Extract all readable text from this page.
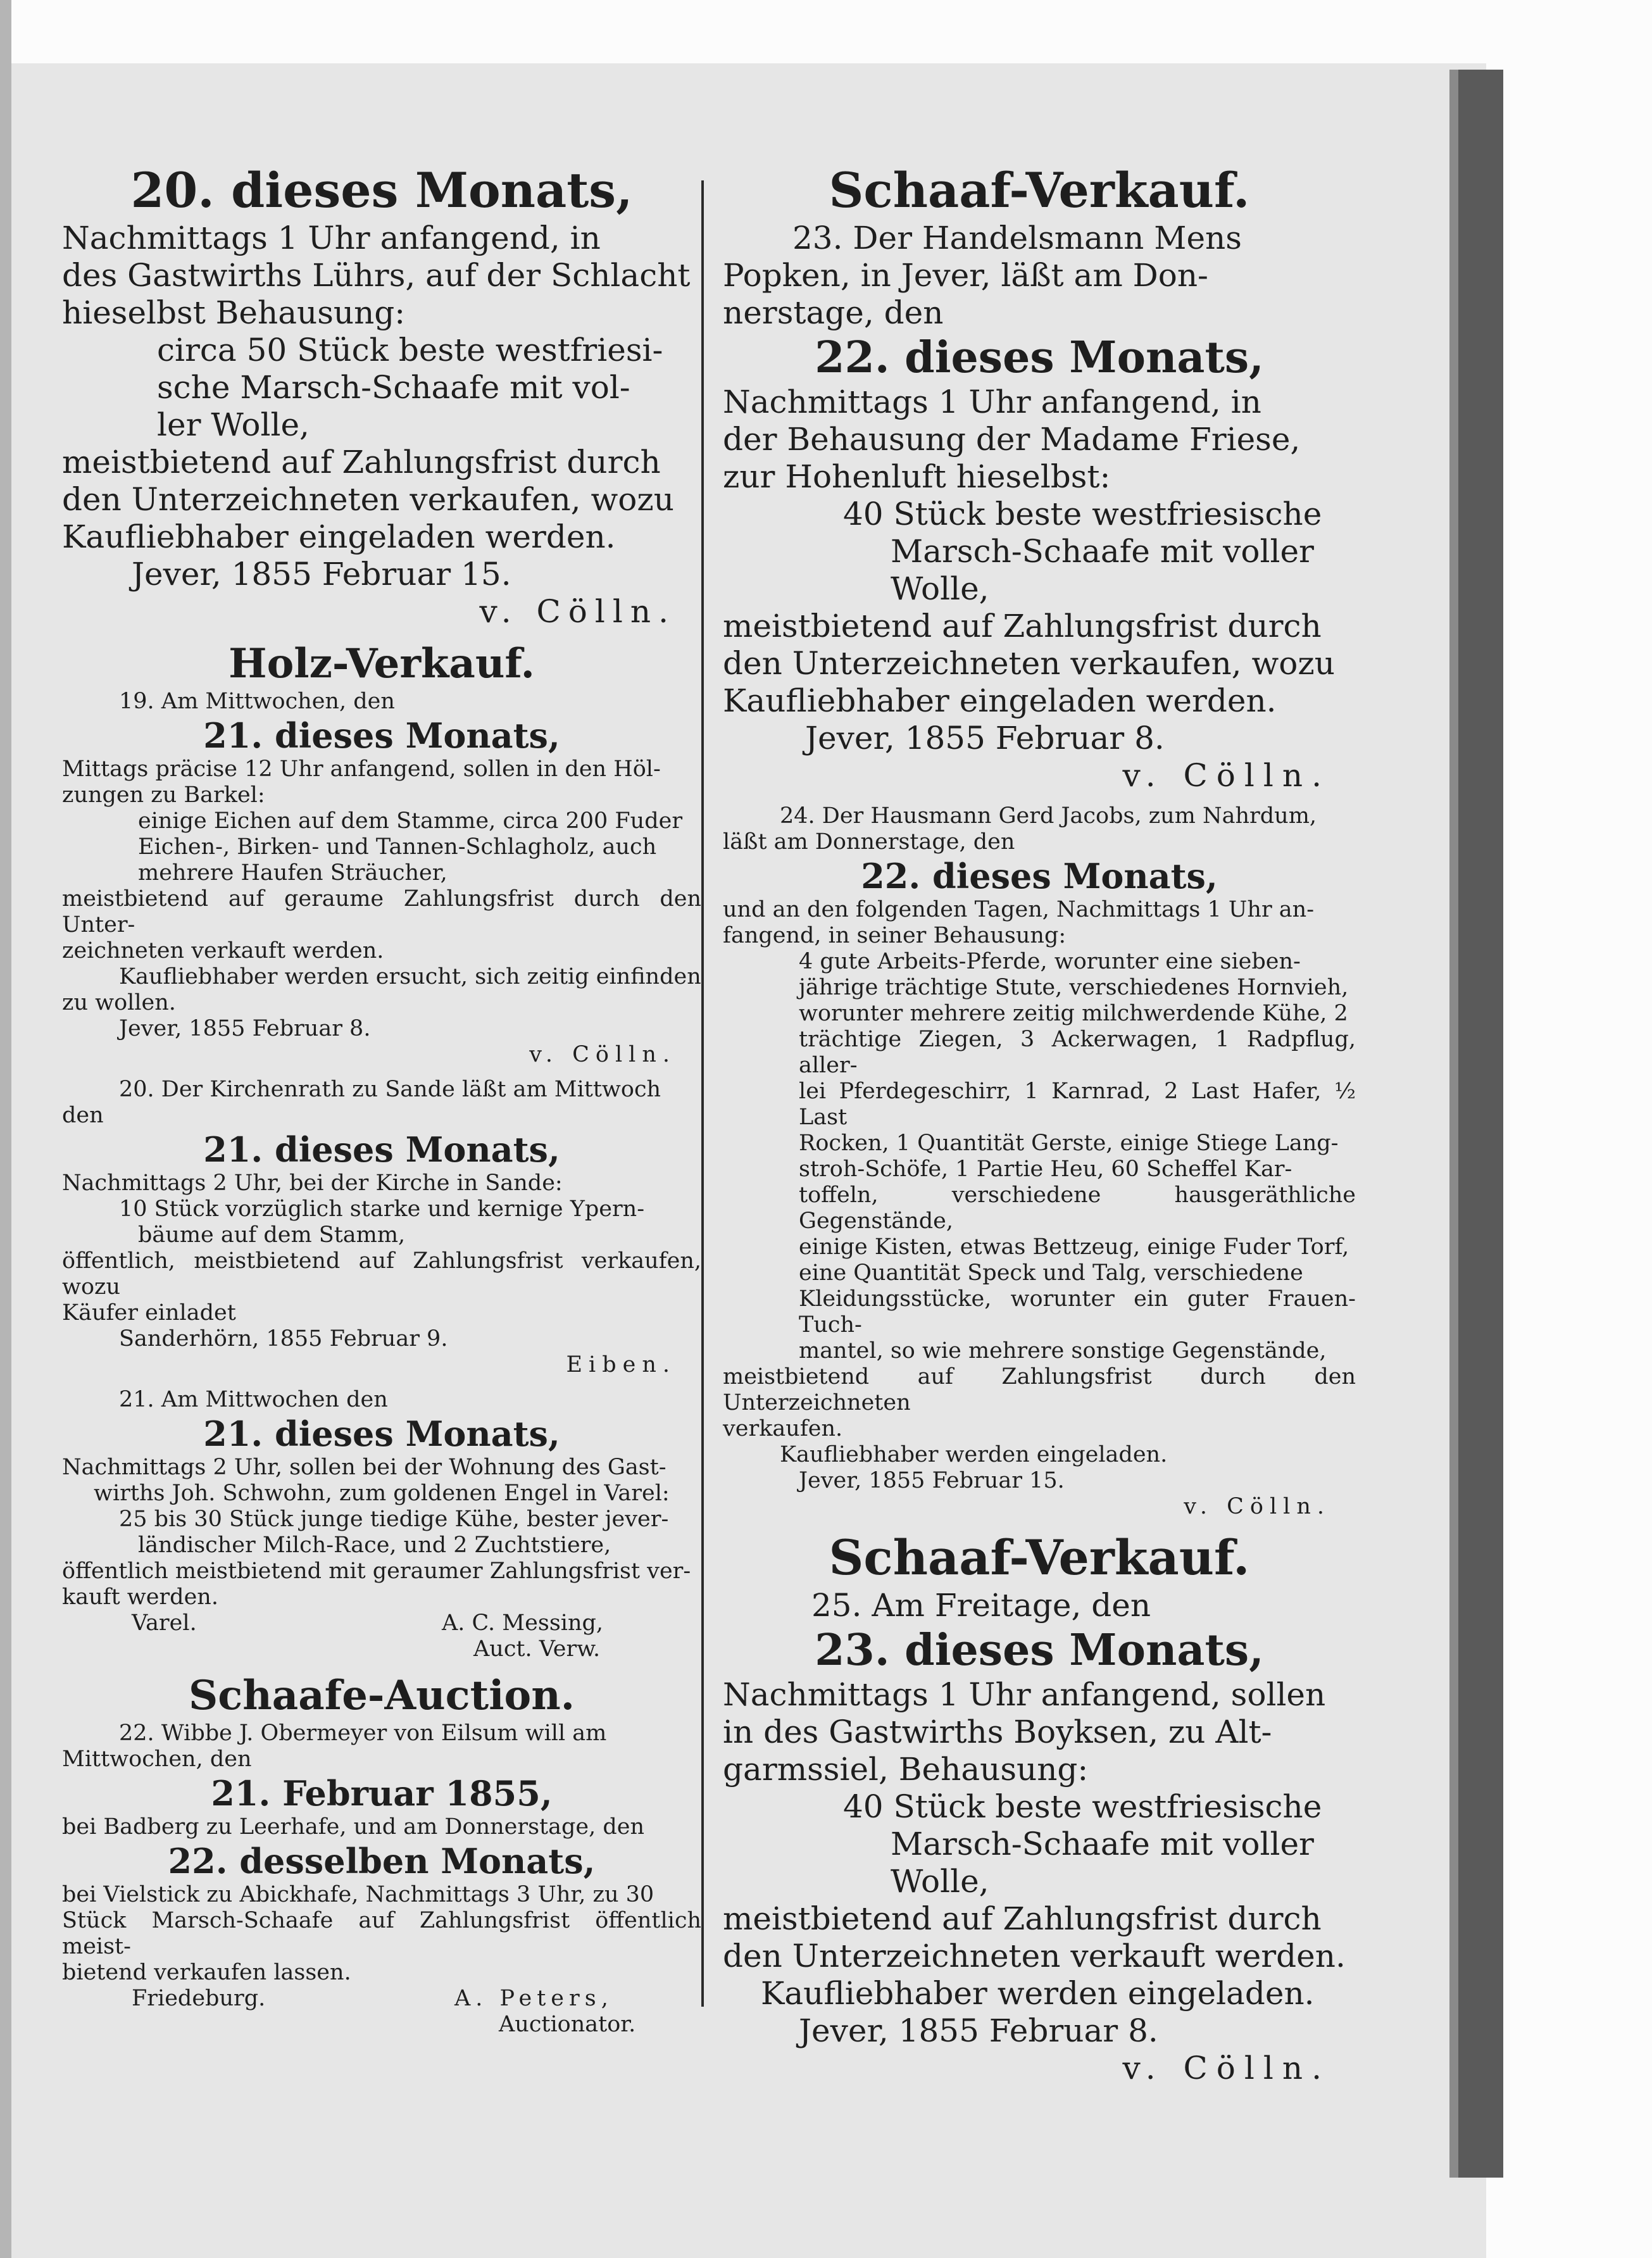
20. dieses Monats,

Nachmittags 1 Uhr anfangend, in

des Gastwirths Lührs, auf der Schlacht

hieselbst Behausung:

circa 50 Stück beste westfriesi-

sche Marsch-Schaafe mit vol-

ler Wolle,

meistbietend auf Zahlungsfrist durch

den Unterzeichneten verkaufen, wozu

Kaufliebhaber eingeladen werden.

Jever, 1855 Februar 15.

v. Cölln.

Holz-Verkauf.

19. Am Mittwochen, den

21. dieses Monats,

Mittags präcise 12 Uhr anfangend, sollen in den Höl-

zungen zu Barkel:

einige Eichen auf dem Stamme, circa 200 Fuder

Eichen-, Birken- und Tannen-Schlagholz, auch

mehrere Haufen Sträucher,

meistbietend auf geraume Zahlungsfrist durch den Unter-

zeichneten verkauft werden.

Kaufliebhaber werden ersucht, sich zeitig einfinden

zu wollen.

Jever, 1855 Februar 8.

v. Cölln.

20. Der Kirchenrath zu Sande läßt am Mittwoch

den

21. dieses Monats,

Nachmittags 2 Uhr, bei der Kirche in Sande:

10 Stück vorzüglich starke und kernige Ypern-

bäume auf dem Stamm,

öffentlich, meistbietend auf Zahlungsfrist verkaufen, wozu

Käufer einladet

Sanderhörn, 1855 Februar 9.

Eiben.

21. Am Mittwochen den

21. dieses Monats,

Nachmittags 2 Uhr, sollen bei der Wohnung des Gast-

wirths Joh. Schwohn, zum goldenen Engel in Varel:

25 bis 30 Stück junge tiedige Kühe, bester jever-

ländischer Milch-Race, und 2 Zuchtstiere,

öffentlich meistbietend mit geraumer Zahlungsfrist ver-

kauft werden.

Varel.	A. C. Messing,
Auct. Verw.
Schaafe-Auction.

22. Wibbe J. Obermeyer von Eilsum will am

Mittwochen, den

21. Februar 1855,

bei Badberg zu Leerhafe, und am Donnerstage, den

22. desselben Monats,

bei Vielstick zu Abickhafe, Nachmittags 3 Uhr, zu 30

Stück Marsch-Schaafe auf Zahlungsfrist öffentlich meist-

bietend verkaufen lassen.

Friedeburg.	A. Peters,
Auctionator.
Schaaf-Verkauf.

23. Der Handelsmann Mens

Popken, in Jever, läßt am Don-

nerstage, den

22. dieses Monats,

Nachmittags 1 Uhr anfangend, in

der Behausung der Madame Friese,

zur Hohenluft hieselbst:

40 Stück beste westfriesische

Marsch-Schaafe mit voller

Wolle,

meistbietend auf Zahlungsfrist durch

den Unterzeichneten verkaufen, wozu

Kaufliebhaber eingeladen werden.

Jever, 1855 Februar 8.

v. Cölln.

24. Der Hausmann Gerd Jacobs, zum Nahrdum,

läßt am Donnerstage, den

22. dieses Monats,

und an den folgenden Tagen, Nachmittags 1 Uhr an-

fangend, in seiner Behausung:

4 gute Arbeits-Pferde, worunter eine sieben-

jährige trächtige Stute, verschiedenes Hornvieh,

worunter mehrere zeitig milchwerdende Kühe, 2

trächtige Ziegen, 3 Ackerwagen, 1 Radpflug, aller-

lei Pferdegeschirr, 1 Karnrad, 2 Last Hafer, ½ Last

Rocken, 1 Quantität Gerste, einige Stiege Lang-

stroh-Schöfe, 1 Partie Heu, 60 Scheffel Kar-

toffeln, verschiedene hausgeräthliche Gegenstände,

einige Kisten, etwas Bettzeug, einige Fuder Torf,

eine Quantität Speck und Talg, verschiedene

Kleidungsstücke, worunter ein guter Frauen-Tuch-

mantel, so wie mehrere sonstige Gegenstände,

meistbietend auf Zahlungsfrist durch den Unterzeichneten

verkaufen.

Kaufliebhaber werden eingeladen.

Jever, 1855 Februar 15.

v. Cölln.

Schaaf-Verkauf.

25. Am Freitage, den

23. dieses Monats,

Nachmittags 1 Uhr anfangend, sollen

in des Gastwirths Boyksen, zu Alt-

garmssiel, Behausung:

40 Stück beste westfriesische

Marsch-Schaafe mit voller

Wolle,

meistbietend auf Zahlungsfrist durch

den Unterzeichneten verkauft werden.

Kaufliebhaber werden eingeladen.

Jever, 1855 Februar 8.

v. Cölln.
